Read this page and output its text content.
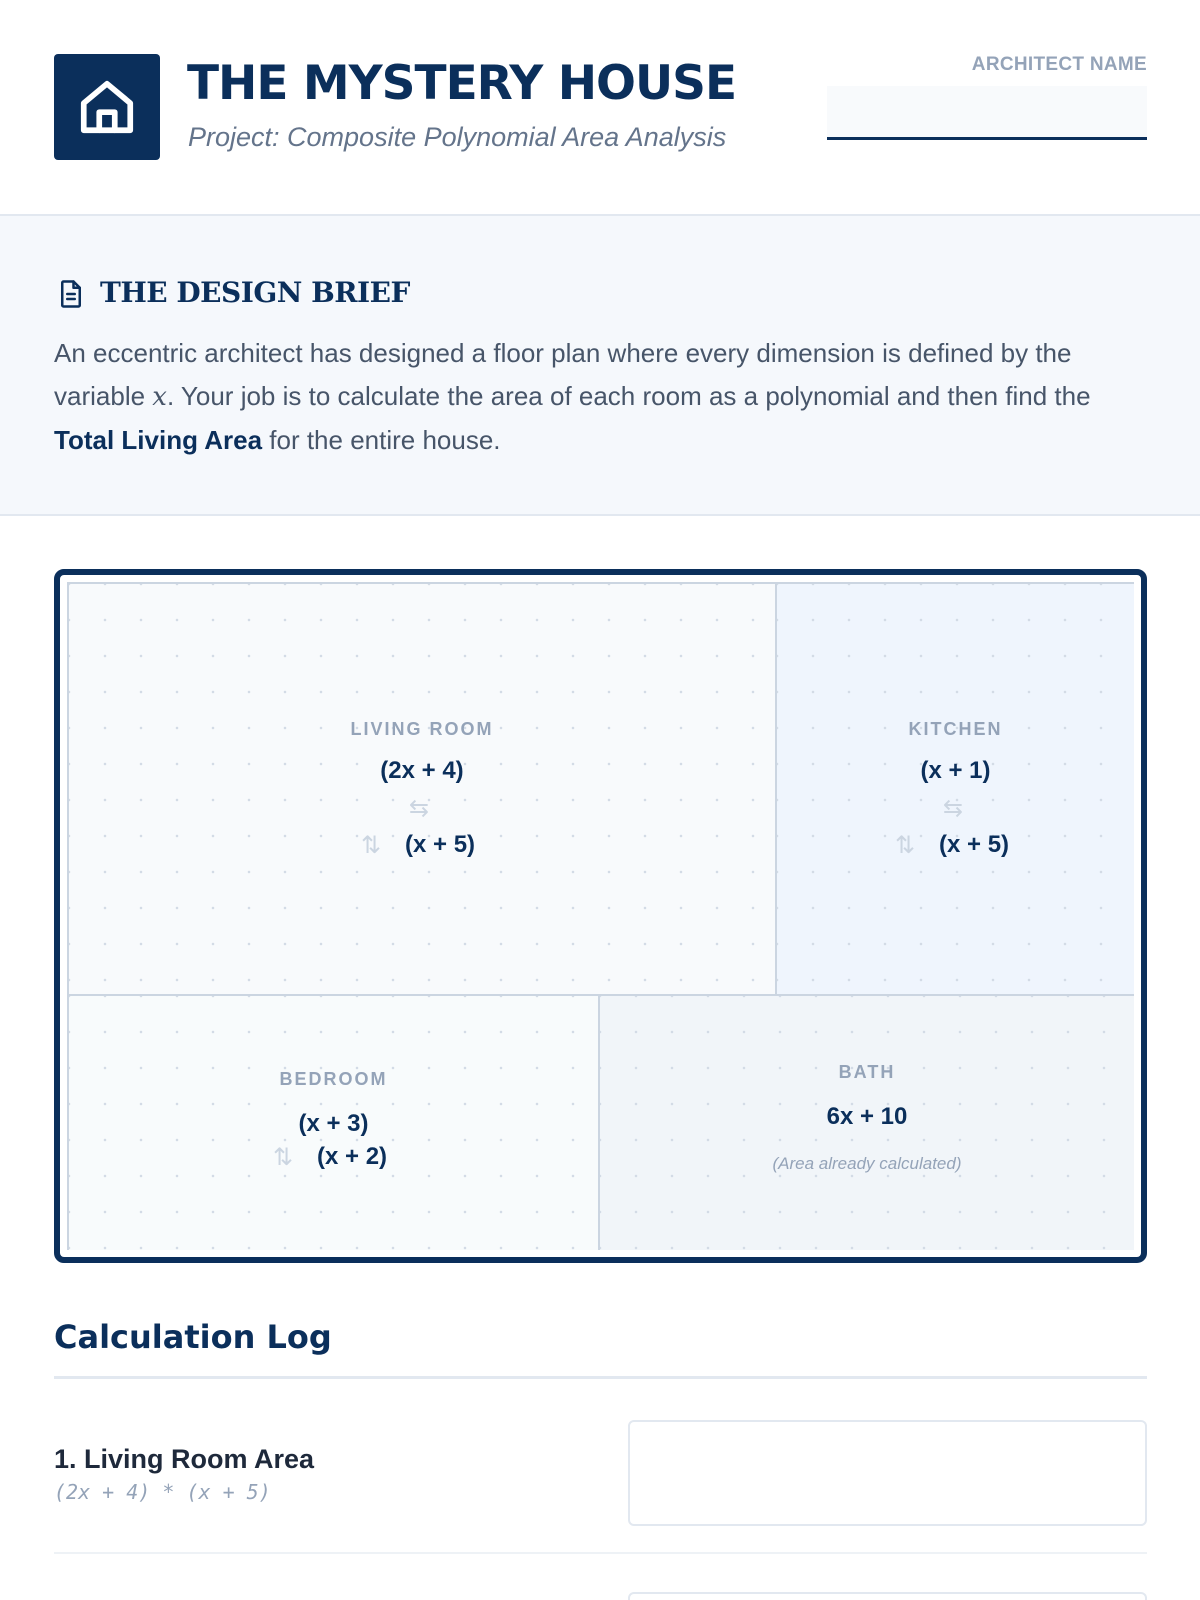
THE MYSTERY HOUSE
Project: Composite Polynomial Area Analysis
ARCHITECT NAME
THE DESIGN BRIEF

An eccentric architect has designed a floor plan where every dimension is defined by the variable x. Your job is to calculate the area of each room as a polynomial and then find the Total Living Area for the entire house.

LIVING ROOM
(2x + 4)
⇆
⇅ (x + 5)
KITCHEN
(x + 1)
⇆
⇅ (x + 5)
BEDROOM
(x + 3)
⇅ (x + 2)
BATH
6x + 10
(Area already calculated)
Calculation Log
1. Living Room Area
(2x + 4) * (x + 5)
